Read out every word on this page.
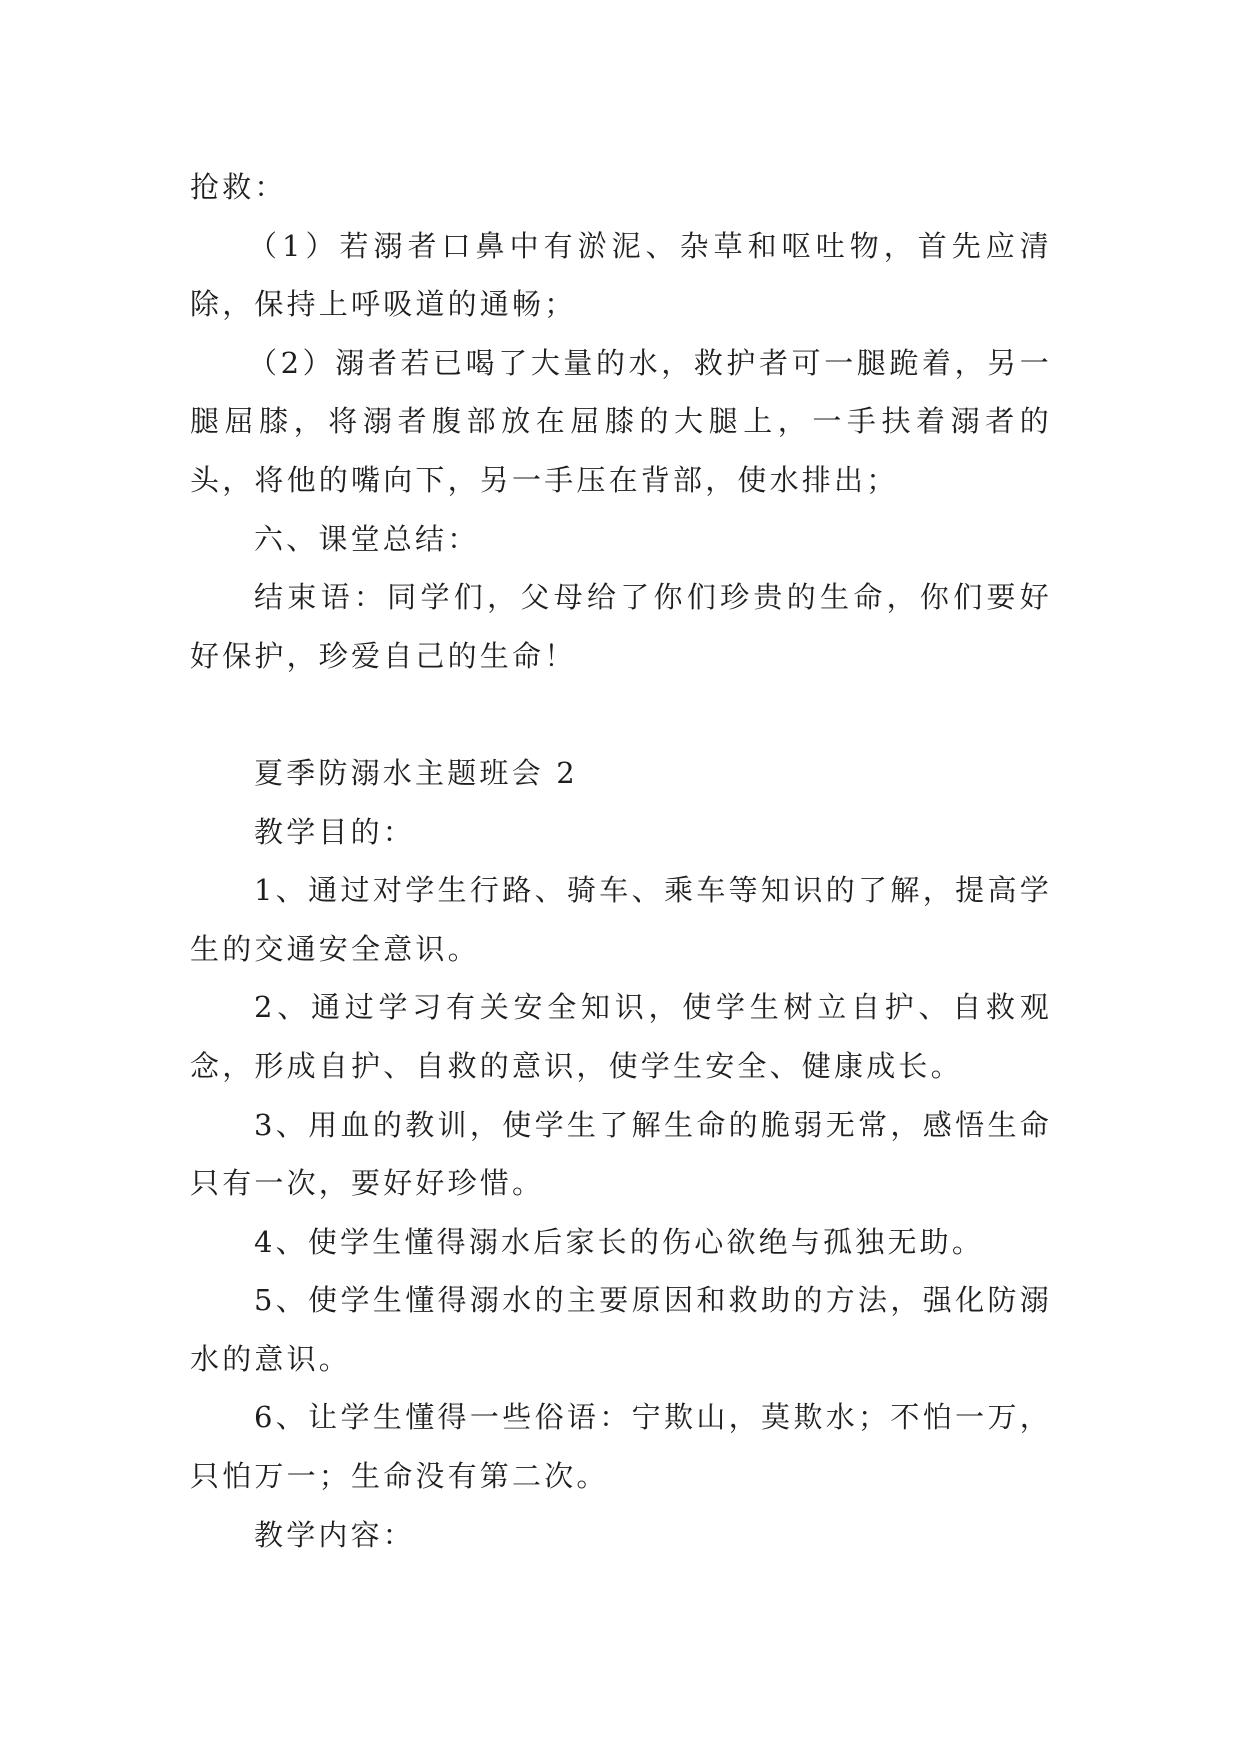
抢救：

（1）若溺者口鼻中有淤泥、杂草和呕吐物，首先应清除，保持上呼吸道的通畅；

（2）溺者若已喝了大量的水，救护者可一腿跪着，另一腿屈膝，将溺者腹部放在屈膝的大腿上，一手扶着溺者的头，将他的嘴向下，另一手压在背部，使水排出；

六、课堂总结：

结束语：同学们，父母给了你们珍贵的生命，你们要好好保护，珍爱自己的生命！

夏季防溺水主题班会 2

教学目的：

1、通过对学生行路、骑车、乘车等知识的了解，提高学生的交通安全意识。

2、通过学习有关安全知识，使学生树立自护、自救观念，形成自护、自救的意识，使学生安全、健康成长。

3、用血的教训，使学生了解生命的脆弱无常，感悟生命只有一次，要好好珍惜。

4、使学生懂得溺水后家长的伤心欲绝与孤独无助。

5、使学生懂得溺水的主要原因和救助的方法，强化防溺水的意识。

6、让学生懂得一些俗语：宁欺山，莫欺水；不怕一万，只怕万一；生命没有第二次。

教学内容：
